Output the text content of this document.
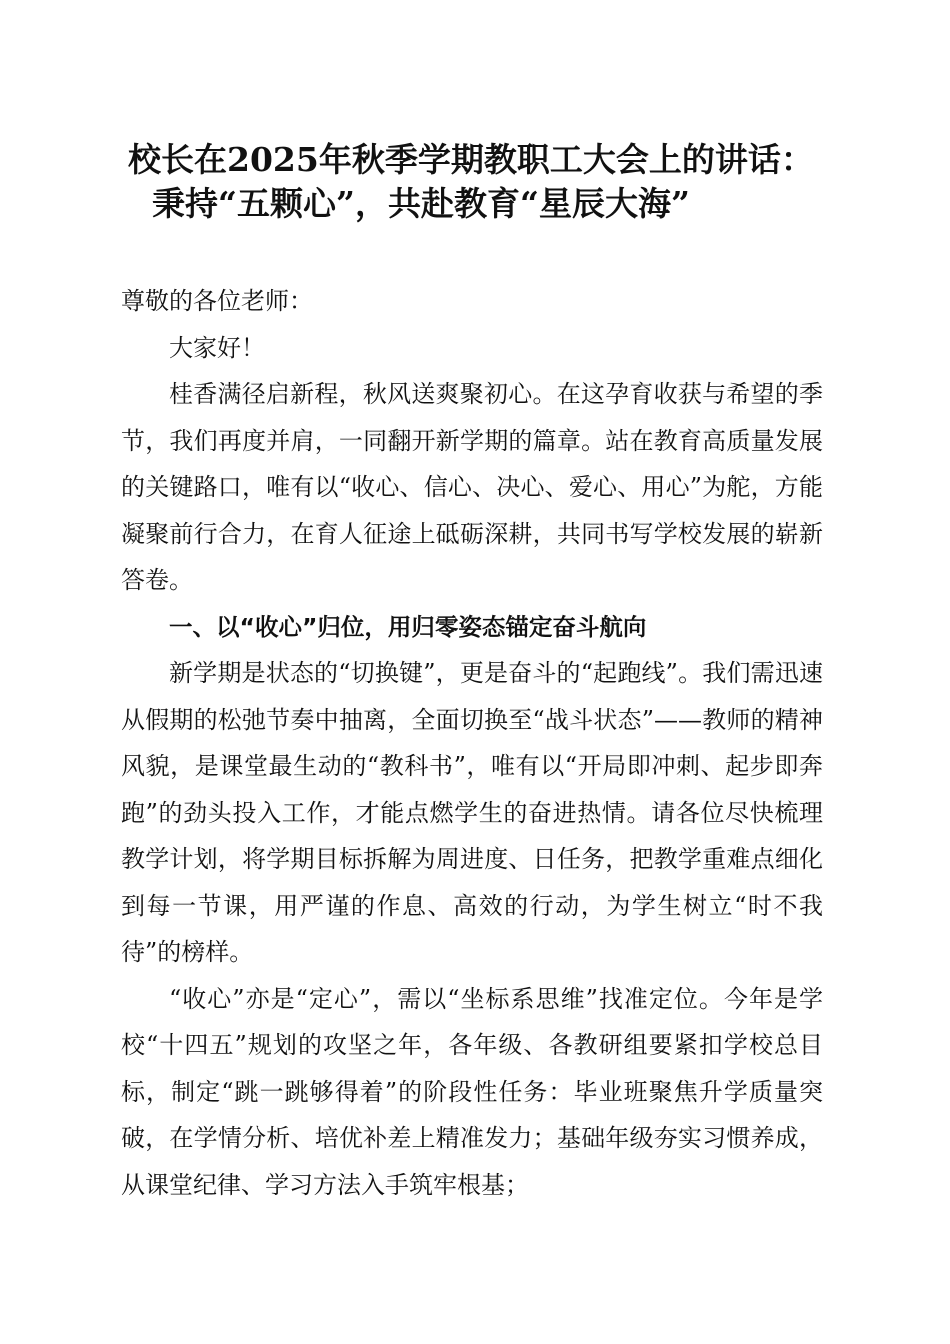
校长在2025年秋季学期教职工大会上的讲话：
秉持“五颗心”，共赴教育“星辰大海”

尊敬的各位老师：

大家好！

桂香满径启新程，秋风送爽聚初心。在这孕育收获与希望的季节，我们再度并肩，一同翻开新学期的篇章。站在教育高质量发展的关键路口，唯有以“收心、信心、决心、爱心、用心”为舵，方能凝聚前行合力，在育人征途上砥砺深耕，共同书写学校发展的崭新答卷。

一、以“收心”归位，用归零姿态锚定奋斗航向

新学期是状态的“切换键”，更是奋斗的“起跑线”。我们需迅速从假期的松弛节奏中抽离，全面切换至“战斗状态”——教师的精神风貌，是课堂最生动的“教科书”，唯有以“开局即冲刺、起步即奔跑”的劲头投入工作，才能点燃学生的奋进热情。请各位尽快梳理教学计划，将学期目标拆解为周进度、日任务，把教学重难点细化到每一节课，用严谨的作息、高效的行动，为学生树立“时不我待”的榜样。

“收心”亦是“定心”，需以“坐标系思维”找准定位。今年是学校“十四五”规划的攻坚之年，各年级、各教研组要紧扣学校总目标，制定“跳一跳够得着”的阶段性任务：毕业班聚焦升学质量突破，在学情分析、培优补差上精准发力；基础年级夯实习惯养成，从课堂纪律、学习方法入手筑牢根基；
